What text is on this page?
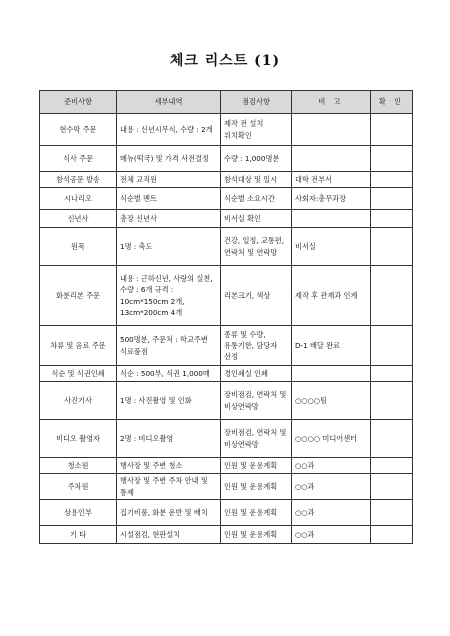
체크 리스트 (1)
준비사항	세부내역	점검사항	비 고	확 인
현수막 주문	내용 : 신년시무식, 수량 : 2개	제작 전 설치 위치확인		
식사 주문	메뉴(떡국) 및 가격 사전결정	수량 : 1,000명분		
참석공문 발송	전체 교직원	참석대상 및 일시	대학 전부서	
시나리오	식순별 멘트	식순별 소요시간	사회자:총무과장	
신년사	총장 신년사	비서실 확인		
원목	1명 : 축도	건강, 일정, 교통편, 연락처 및 연락망	비서실	
화분리본 주문	내용 : 근하신년, 사랑의 실천, 수량 : 6개 규격 : 10cm*150cm 2개, 13cm*200cm 4개	리본크기, 색상	제작 후 관재과 인계	
차류 및 음료 주문	500명분, 주문처 : 학교주변 식료품점	종류 및 수량, 유통기한, 담당자 선정	D-1 배달 완료	
식순 및 식권인쇄	식순 : 500부, 식권 1,000매	경인쇄실 인쇄		
사진기사	1명 : 사진촬영 및 인화	장비점검, 연락처 및 비상연락망	○○○○팀	
비디오 촬영자	2명 : 비디오촬영	장비점검, 연락처 및 비상연락망	○○○○ 미디어센터	
청소원	행사장 및 주변 청소	인원 및 운용계획	○○과	
주차원	행사장 및 주변 주차 안내 및 통제	인원 및 운용계획	○○과	
상용인부	집기비품, 화분 운반 및 배치	인원 및 운용계획	○○과	
기 타	시설점검, 현판설치	인원 및 운용계획	○○과	
